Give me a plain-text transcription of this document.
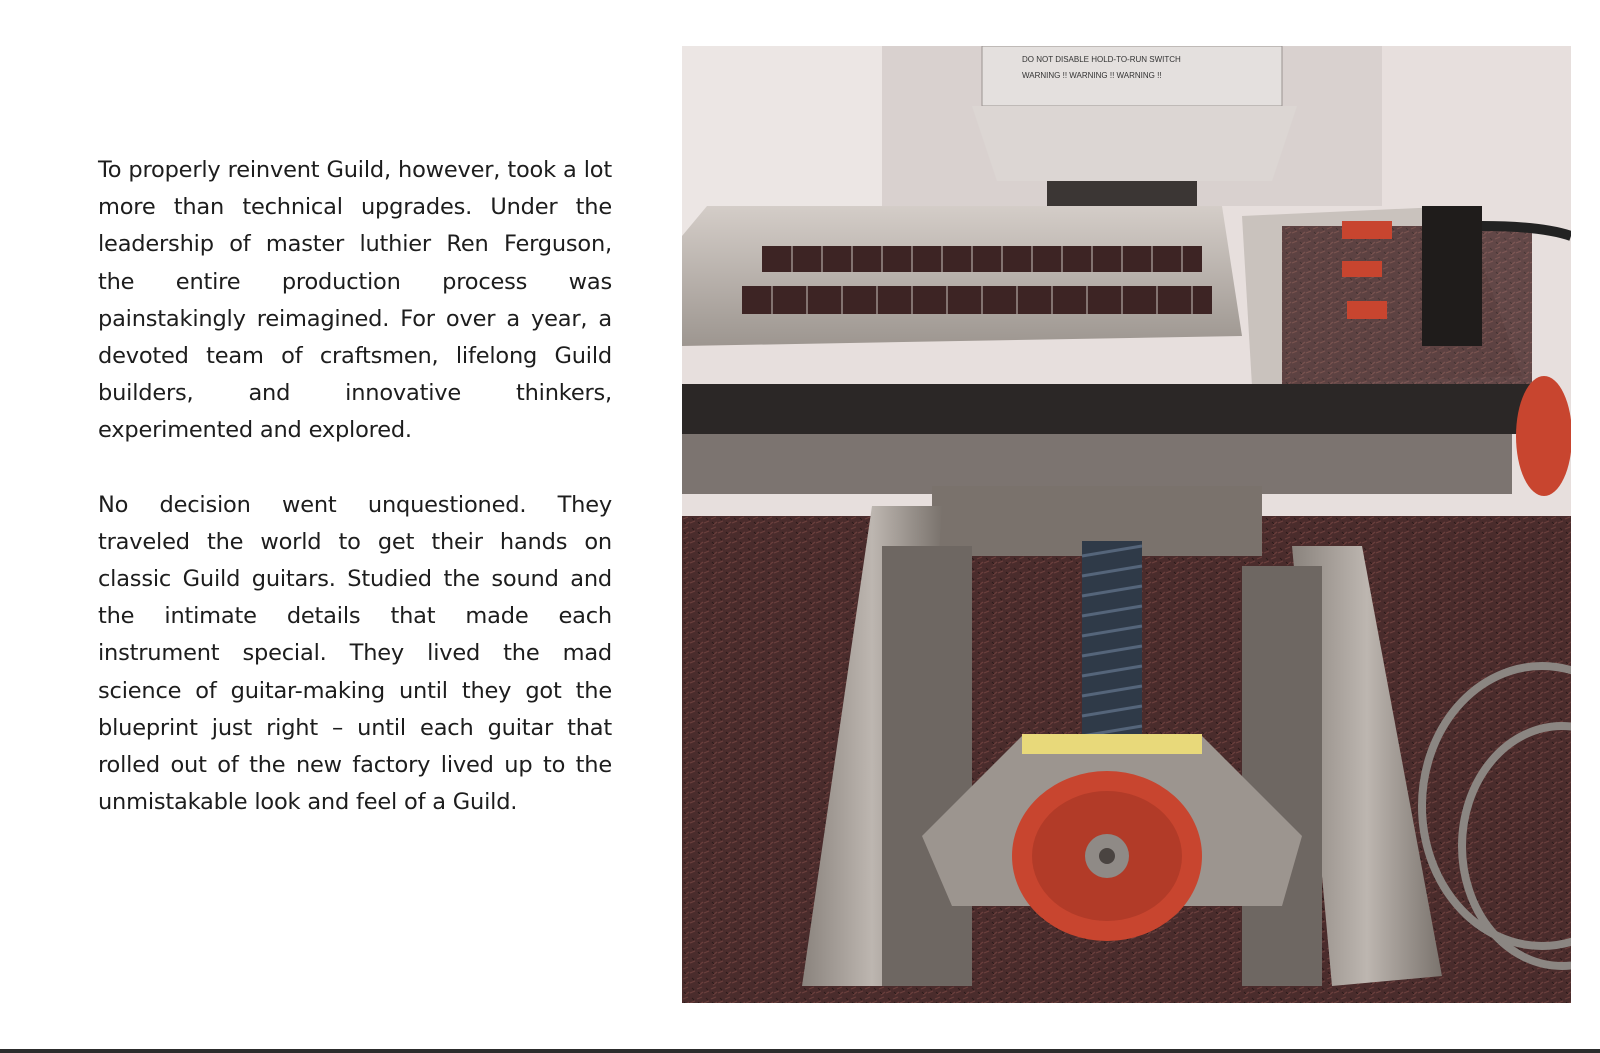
To properly reinvent Guild, however, took a lot more than technical upgrades. Under the leadership of master luthier Ren Ferguson, the entire production process was painstakingly reimagined. For over a year, a devoted team of craftsmen, lifelong Guild builders, and innovative thinkers, experimented and explored.

No decision went unquestioned. They traveled the world to get their hands on classic Guild guitars. Studied the sound and the intimate details that made each instrument special. They lived the mad science of guitar-making until they got the blueprint just right – until each guitar that rolled out of the new factory lived up to the unmistakable look and feel of a Guild.

DO NOT DISABLE HOLD-TO-RUN SWITCH
WARNING !! WARNING !! WARNING !!
